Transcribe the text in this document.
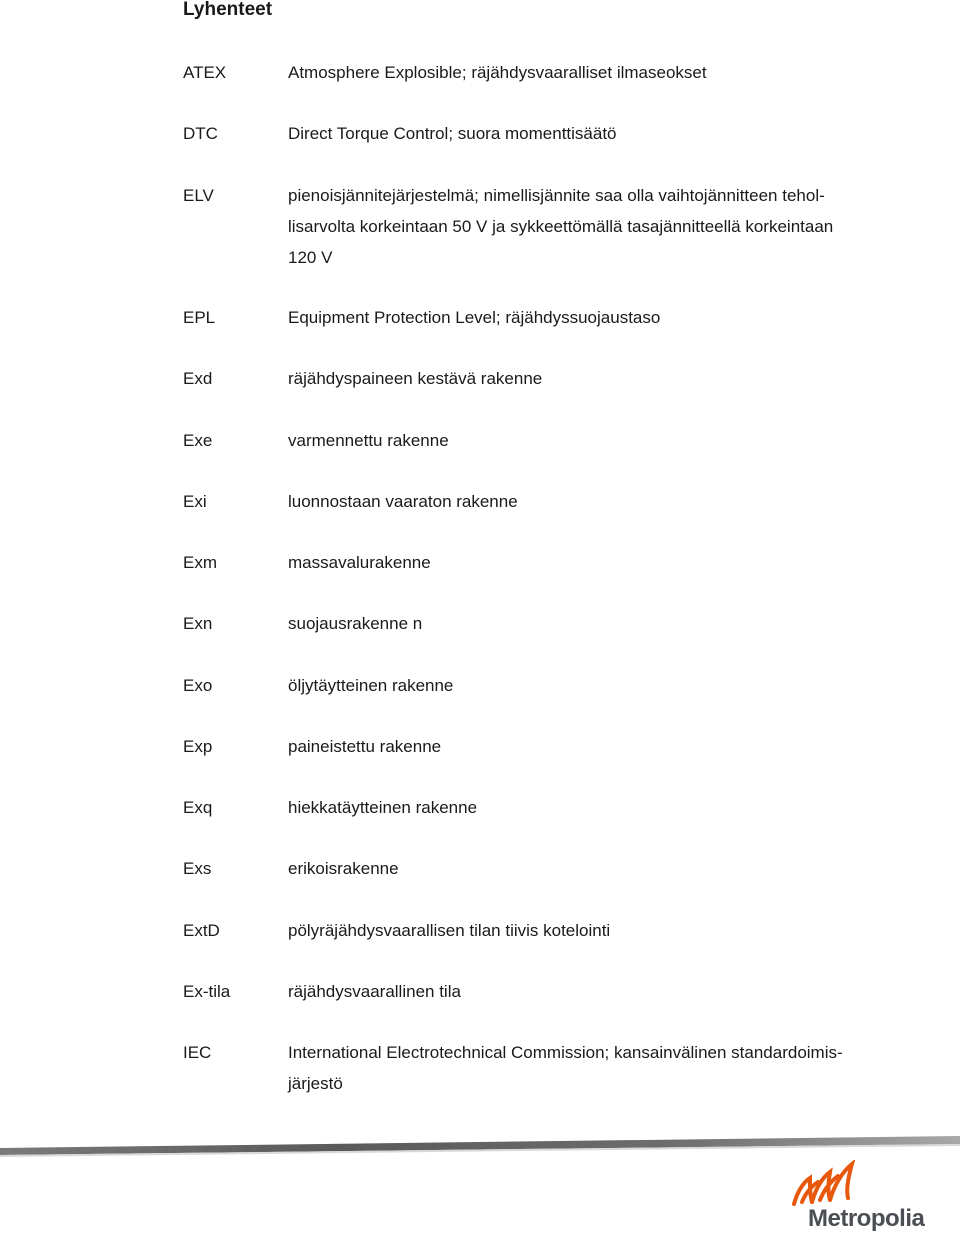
Lyhenteet
ATEX	Atmosphere Explosible; räjähdysvaaralliset ilmaseokset
DTC	Direct Torque Control; suora momenttisäätö
ELV	pienoisjännitejärjestelmä; nimellisjännite saa olla vaihtojännitteen tehol-
lisarvolta korkeintaan 50 V ja sykkeettömällä tasajännitteellä korkeintaan
120 V
EPL	Equipment Protection Level; räjähdyssuojaustaso
Exd	räjähdyspaineen kestävä rakenne
Exe	varmennettu rakenne
Exi	luonnostaan vaaraton rakenne
Exm	massavalurakenne
Exn	suojausrakenne n
Exo	öljytäytteinen rakenne
Exp	paineistettu rakenne
Exq	hiekkatäytteinen rakenne
Exs	erikoisrakenne
ExtD	pölyräjähdysvaarallisen tilan tiivis kotelointi
Ex-tila	räjähdysvaarallinen tila
IEC	International Electrotechnical Commission; kansainvälinen standardoimis-
järjestö
Metropolia
